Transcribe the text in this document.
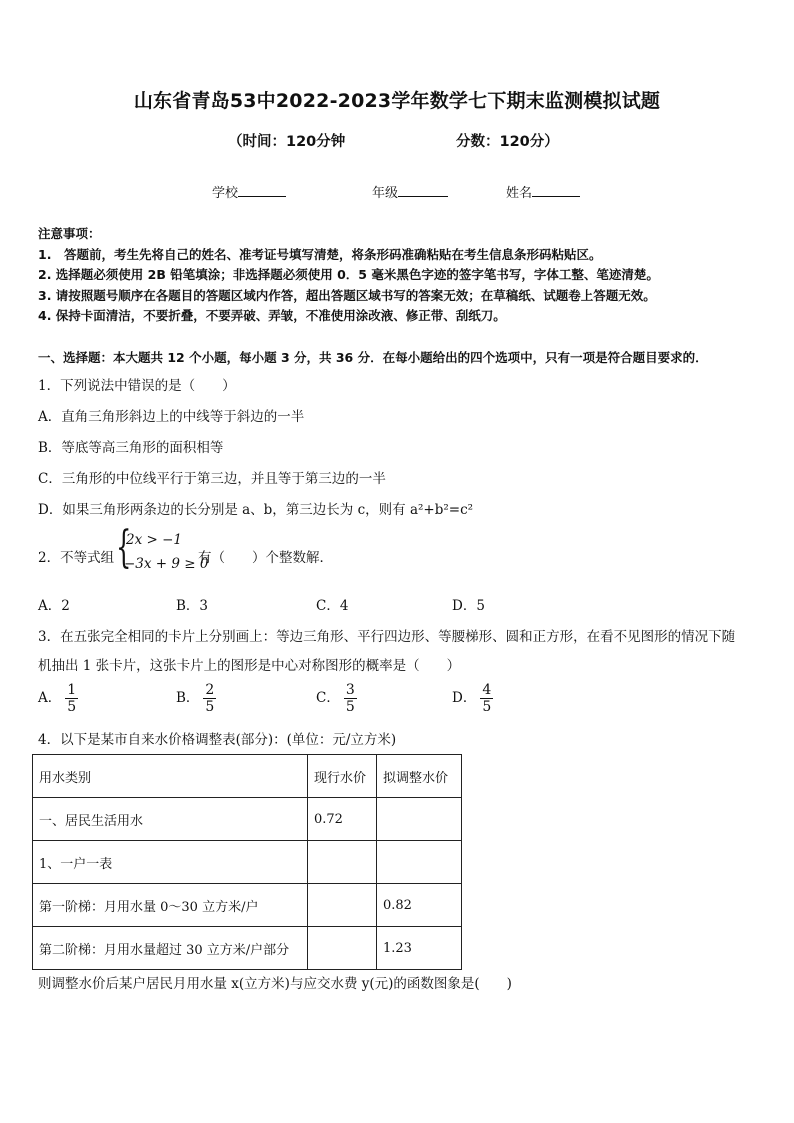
山东省青岛53中2022-2023学年数学七下期末监测模拟试题
（时间：120分钟	分数：120分）
学校	年级	姓名
注意事项：
1.　答题前，考生先将自己的姓名、准考证号填写清楚，将条形码准确粘贴在考生信息条形码粘贴区。
2. 选择题必须使用 2B 铅笔填涂；非选择题必须使用 0．5 毫米黑色字迹的签字笔书写，字体工整、笔迹清楚。
3. 请按照题号顺序在各题目的答题区域内作答，超出答题区域书写的答案无效；在草稿纸、试题卷上答题无效。
4. 保持卡面清洁，不要折叠，不要弄破、弄皱，不准使用涂改液、修正带、刮纸刀。
一、选择题：本大题共 12 个小题，每小题 3 分，共 36 分．在每小题给出的四个选项中，只有一项是符合题目要求的．
1．下列说法中错误的是（　　）
A．直角三角形斜边上的中线等于斜边的一半
B．等底等高三角形的面积相等
C．三角形的中位线平行于第三边，并且等于第三边的一半
D．如果三角形两条边的长分别是 a、b，第三边长为 c，则有 a²+b²=c²
2．不等式组 {
2x > −1
−3x + 9 ≥ 0
有（　　）个整数解．
A．2	B．3	C．4	D．5
3．在五张完全相同的卡片上分别画上：等边三角形、平行四边形、等腰梯形、圆和正方形，在看不见图形的情况下随
机抽出 1 张卡片，这张卡片上的图形是中心对称图形的概率是（　　）
A． $\frac{1}{5}$	B． $\frac{2}{5}$	C． $\frac{3}{5}$	D． $\frac{4}{5}$
4．以下是某市自来水价格调整表(部分)：(单位：元/立方米)
用水类别	现行水价	拟调整水价
一、居民生活用水	0.72	
1、一户一表		
第一阶梯：月用水量 0～30 立方米/户		0.82
第二阶梯：月用水量超过 30 立方米/户部分		1.23
则调整水价后某户居民月用水量 x(立方米)与应交水费 y(元)的函数图象是(　　)
